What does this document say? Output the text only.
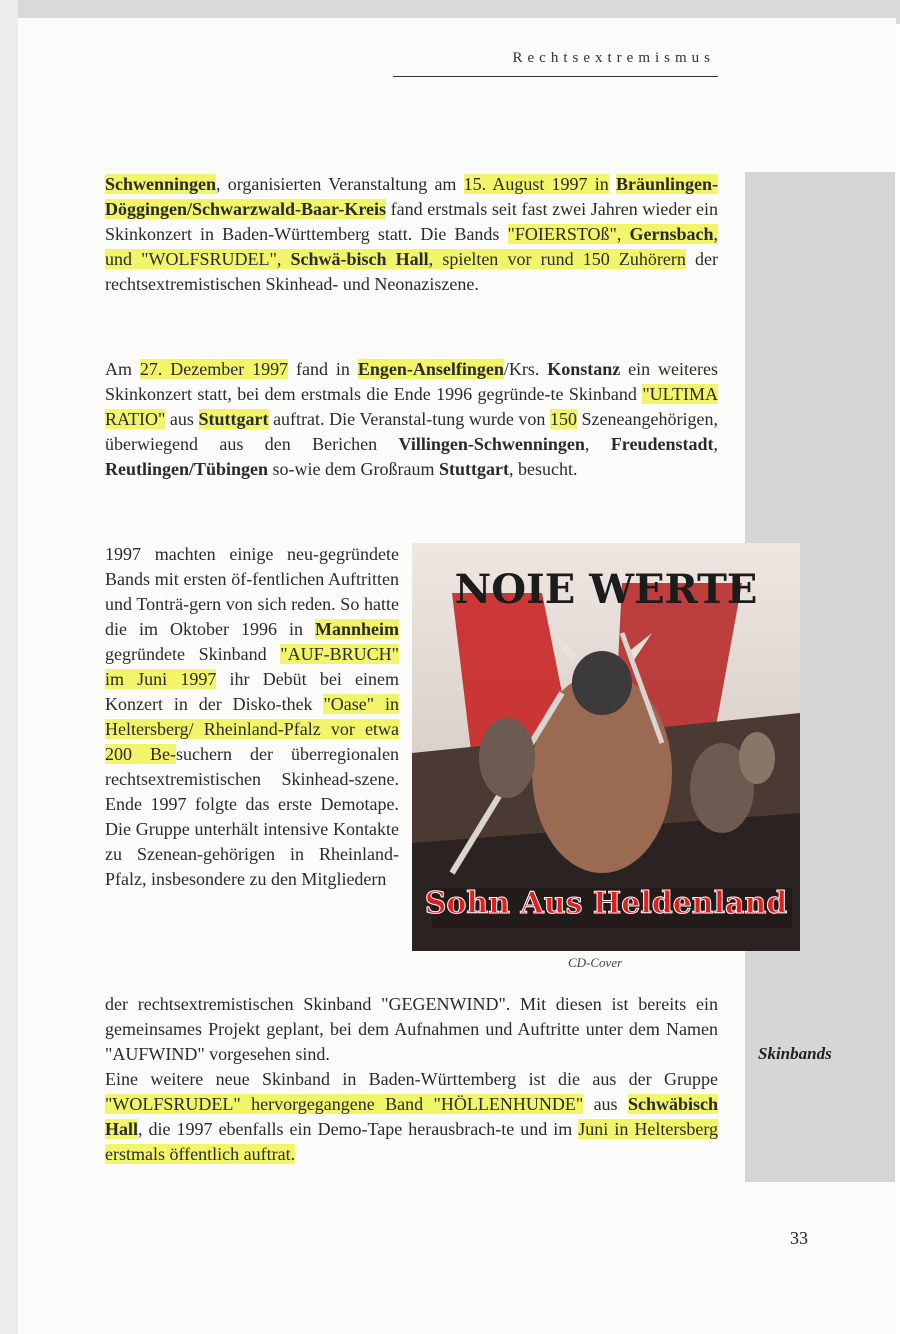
Rechtsextremismus

Schwenningen, organisierten Veranstaltung am 15. August 1997 in Bräunlingen-Döggingen/Schwarzwald-Baar-Kreis fand erstmals seit fast zwei Jahren wieder ein Skinkonzert in Baden-Württemberg statt. Die Bands "FOIERSTOß", Gernsbach, und "WOLFSRUDEL", Schwä-bisch Hall, spielten vor rund 150 Zuhörern der rechtsextremistischen Skinhead- und Neonaziszene.

Am 27. Dezember 1997 fand in Engen-Anselfingen/Krs. Konstanz ein weiteres Skinkonzert statt, bei dem erstmals die Ende 1996 gegründe-te Skinband "ULTIMA RATIO" aus Stuttgart auftrat. Die Veranstal-tung wurde von 150 Szeneangehörigen, überwiegend aus den Berichen Villingen-Schwenningen, Freudenstadt, Reutlingen/Tübingen so-wie dem Großraum Stuttgart, besucht.

1997 machten einige neu-gegründete Bands mit ersten öf-fentlichen Auftritten und Tonträ-gern von sich reden. So hatte die im Oktober 1996 in Mannheim gegründete Skinband "AUF-BRUCH" im Juni 1997 ihr Debüt bei einem Konzert in der Disko-thek "Oase" in Heltersberg/ Rheinland-Pfalz vor etwa 200 Be-suchern der überregionalen rechtsextremistischen Skinhead-szene. Ende 1997 folgte das erste Demotape. Die Gruppe unterhält intensive Kontakte zu Szenean-gehörigen in Rheinland-Pfalz, insbesondere zu den Mitgliedern

der rechtsextremistischen Skinband "GEGENWIND". Mit diesen ist bereits ein gemeinsames Projekt geplant, bei dem Aufnahmen und Auftritte unter dem Namen "AUFWIND" vorgesehen sind.

Eine weitere neue Skinband in Baden-Württemberg ist die aus der Gruppe "WOLFSRUDEL" hervorgegangene Band "HÖLLENHUNDE" aus Schwäbisch Hall, die 1997 ebenfalls ein Demo-Tape herausbrach-te und im Juni in Heltersberg erstmals öffentlich auftrat.

NOIE WERTE
Sohn Aus Heldenland
CD-Cover
Skinbands
33
